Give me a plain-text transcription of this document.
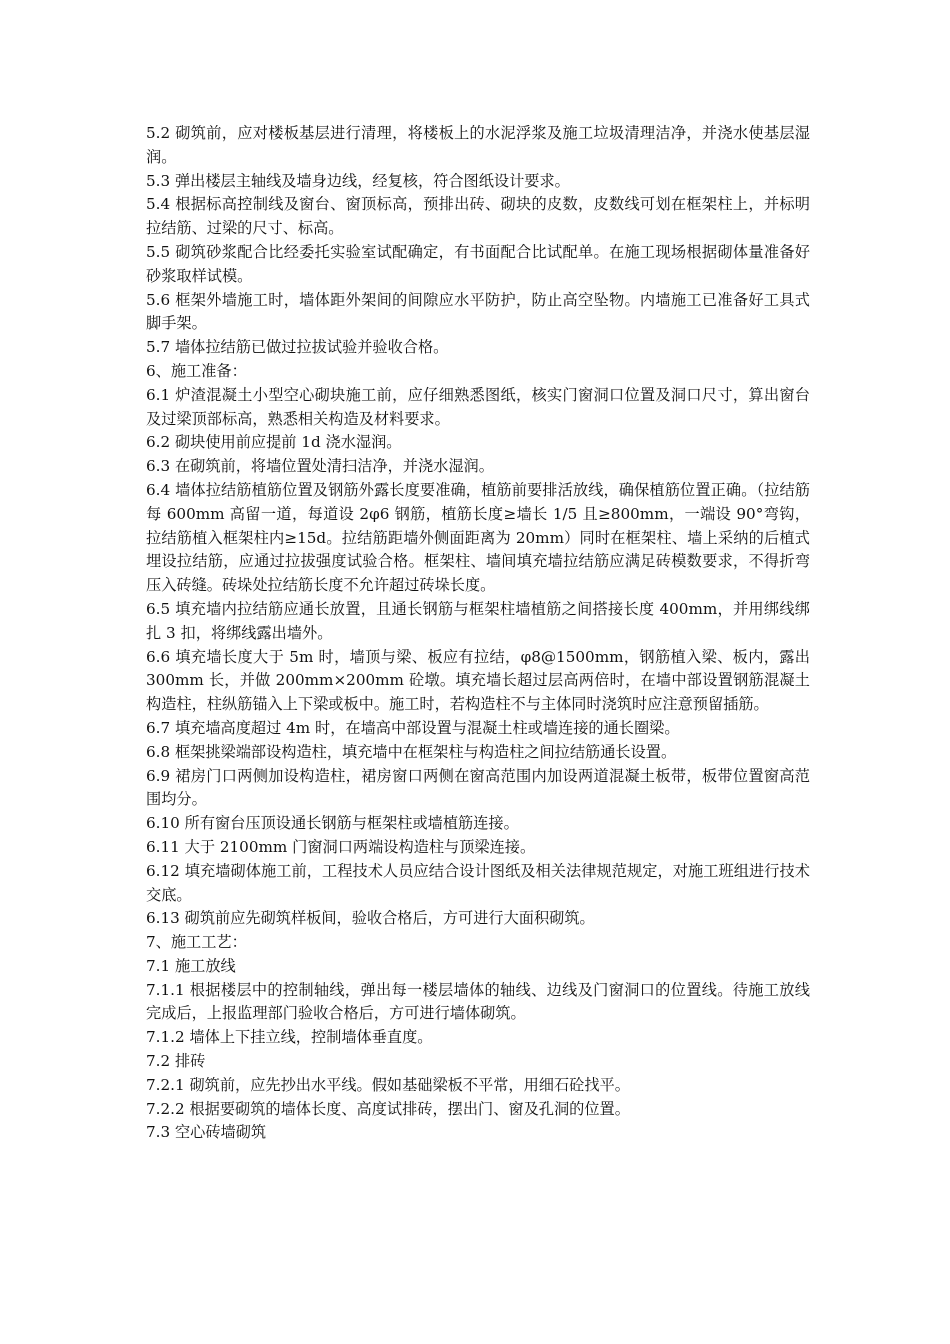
5.2 砌筑前，应对楼板基层进行清理，将楼板上的水泥浮浆及施工垃圾清理洁净，并浇水使基层湿润。

5.3 弹出楼层主轴线及墙身边线，经复核，符合图纸设计要求。

5.4 根据标高控制线及窗台、窗顶标高，预排出砖、砌块的皮数，皮数线可划在框架柱上，并标明拉结筋、过梁的尺寸、标高。

5.5 砌筑砂浆配合比经委托实验室试配确定，有书面配合比试配单。在施工现场根据砌体量准备好砂浆取样试模。

5.6 框架外墙施工时，墙体距外架间的间隙应水平防护，防止高空坠物。内墙施工已准备好工具式脚手架。

5.7 墙体拉结筋已做过拉拔试验并验收合格。

6、施工准备：

6.1 炉渣混凝土小型空心砌块施工前，应仔细熟悉图纸，核实门窗洞口位置及洞口尺寸，算出窗台及过梁顶部标高，熟悉相关构造及材料要求。

6.2 砌块使用前应提前 1d 浇水湿润。

6.3 在砌筑前，将墙位置处清扫洁净，并浇水湿润。

6.4 墙体拉结筋植筋位置及钢筋外露长度要准确，植筋前要排活放线，确保植筋位置正确。（拉结筋每 600mm 高留一道，每道设 2φ6 钢筋，植筋长度≥墙长 1/5 且≥800mm，一端设 90°弯钩，拉结筋植入框架柱内≥15d。拉结筋距墙外侧面距离为 20mm）同时在框架柱、墙上采纳的后植式埋设拉结筋，应通过拉拔强度试验合格。框架柱、墙间填充墙拉结筋应满足砖模数要求，不得折弯压入砖缝。砖垛处拉结筋长度不允许超过砖垛长度。

6.5 填充墙内拉结筋应通长放置，且通长钢筋与框架柱墙植筋之间搭接长度 400mm，并用绑线绑扎 3 扣，将绑线露出墙外。

6.6 填充墙长度大于 5m 时，墙顶与梁、板应有拉结，φ8@1500mm，钢筋植入梁、板内，露出 300mm 长，并做 200mm×200mm 砼墩。填充墙长超过层高两倍时，在墙中部设置钢筋混凝土构造柱，柱纵筋锚入上下梁或板中。施工时，若构造柱不与主体同时浇筑时应注意预留插筋。

6.7 填充墙高度超过 4m 时，在墙高中部设置与混凝土柱或墙连接的通长圈梁。

6.8 框架挑梁端部设构造柱，填充墙中在框架柱与构造柱之间拉结筋通长设置。

6.9 裙房门口两侧加设构造柱，裙房窗口两侧在窗高范围内加设两道混凝土板带，板带位置窗高范围均分。

6.10 所有窗台压顶设通长钢筋与框架柱或墙植筋连接。

6.11 大于 2100mm 门窗洞口两端设构造柱与顶梁连接。

6.12 填充墙砌体施工前，工程技术人员应结合设计图纸及相关法律规范规定，对施工班组进行技术交底。

6.13 砌筑前应先砌筑样板间，验收合格后，方可进行大面积砌筑。

7、施工工艺：

7.1 施工放线

7.1.1 根据楼层中的控制轴线，弹出每一楼层墙体的轴线、边线及门窗洞口的位置线。待施工放线完成后，上报监理部门验收合格后，方可进行墙体砌筑。

7.1.2 墙体上下挂立线，控制墙体垂直度。

7.2 排砖

7.2.1 砌筑前，应先抄出水平线。假如基础梁板不平常，用细石砼找平。

7.2.2 根据要砌筑的墙体长度、高度试排砖，摆出门、窗及孔洞的位置。

7.3 空心砖墙砌筑
